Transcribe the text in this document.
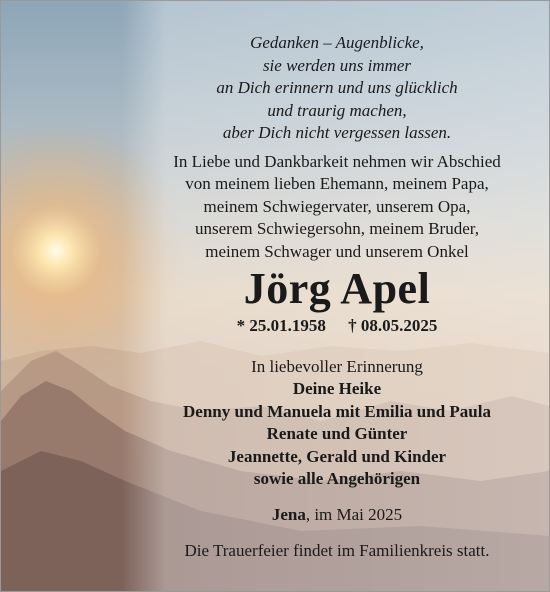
Gedanken – Augenblicke,
sie werden uns immer
an Dich erinnern und uns glücklich
und traurig machen,
aber Dich nicht vergessen lassen.
In Liebe und Dankbarkeit nehmen wir Abschied
von meinem lieben Ehemann, meinem Papa,
meinem Schwiegervater, unserem Opa,
unserem Schwiegersohn, meinem Bruder,
meinem Schwager und unserem Onkel
Jörg Apel
* 25.01.1958 † 08.05.2025
In liebevoller Erinnerung
Deine Heike
Denny und Manuela mit Emilia und Paula
Renate und Günter
Jeannette, Gerald und Kinder
sowie alle Angehörigen
Jena, im Mai 2025
Die Trauerfeier findet im Familienkreis statt.
